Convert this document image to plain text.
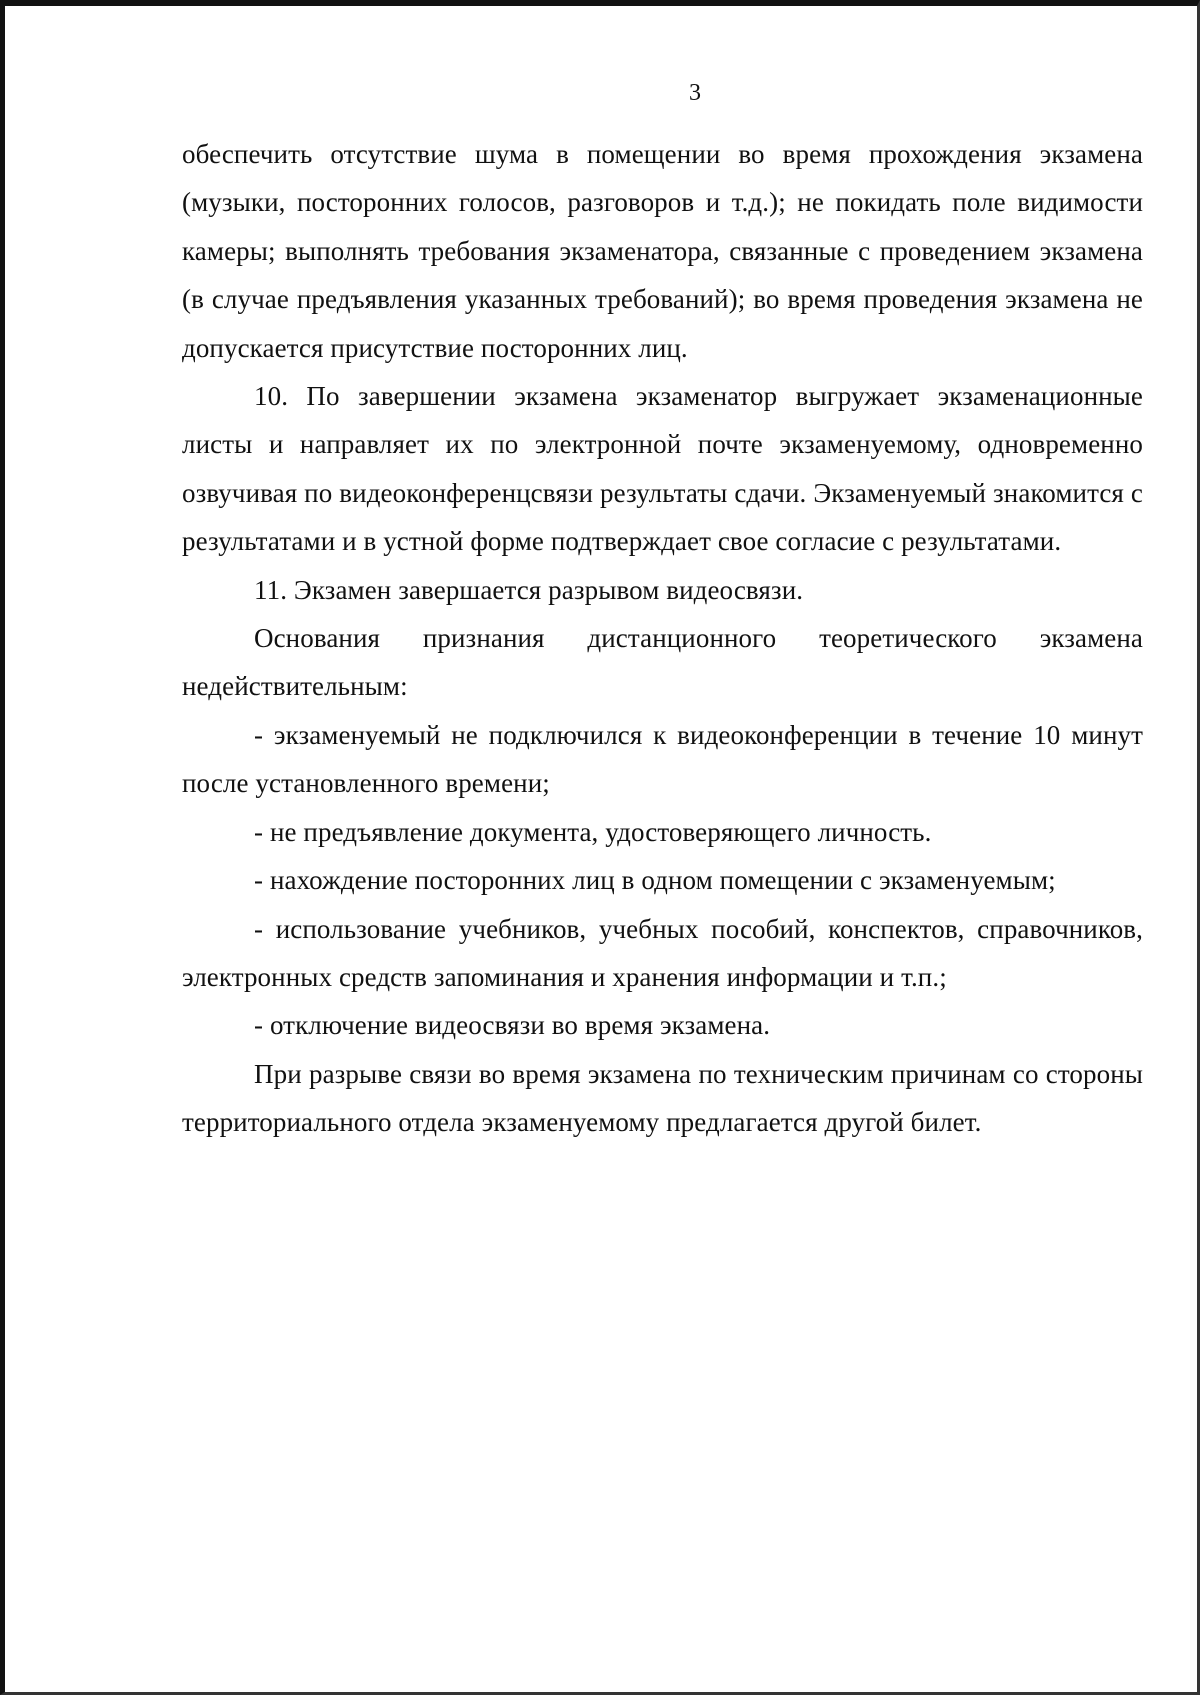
3

обеспечить отсутствие шума в помещении во время прохождения экзамена (музыки, посторонних голосов, разговоров и т.д.); не покидать поле видимости камеры; выполнять требования экзаменатора, связанные с проведением экзамена (в случае предъявления указанных требований); во время проведения экзамена не допускается присутствие посторонних лиц.

10. По завершении экзамена экзаменатор выгружает экзаменационные листы и направляет их по электронной почте экзаменуемому, одновременно озвучивая по видеоконференцсвязи результаты сдачи. Экзаменуемый знакомится с результатами и в устной форме подтверждает свое согласие с результатами.

11. Экзамен завершается разрывом видеосвязи.

Основания признания дистанционного теоретического экзамена недействительным:

- экзаменуемый не подключился к видеоконференции в течение 10 минут после установленного времени;

- не предъявление документа, удостоверяющего личность.

- нахождение посторонних лиц в одном помещении с экзаменуемым;

- использование учебников, учебных пособий, конспектов, справочников, электронных средств запоминания и хранения информации и т.п.;

- отключение видеосвязи во время экзамена.

При разрыве связи во время экзамена по техническим причинам со стороны территориального отдела экзаменуемому предлагается другой билет.
